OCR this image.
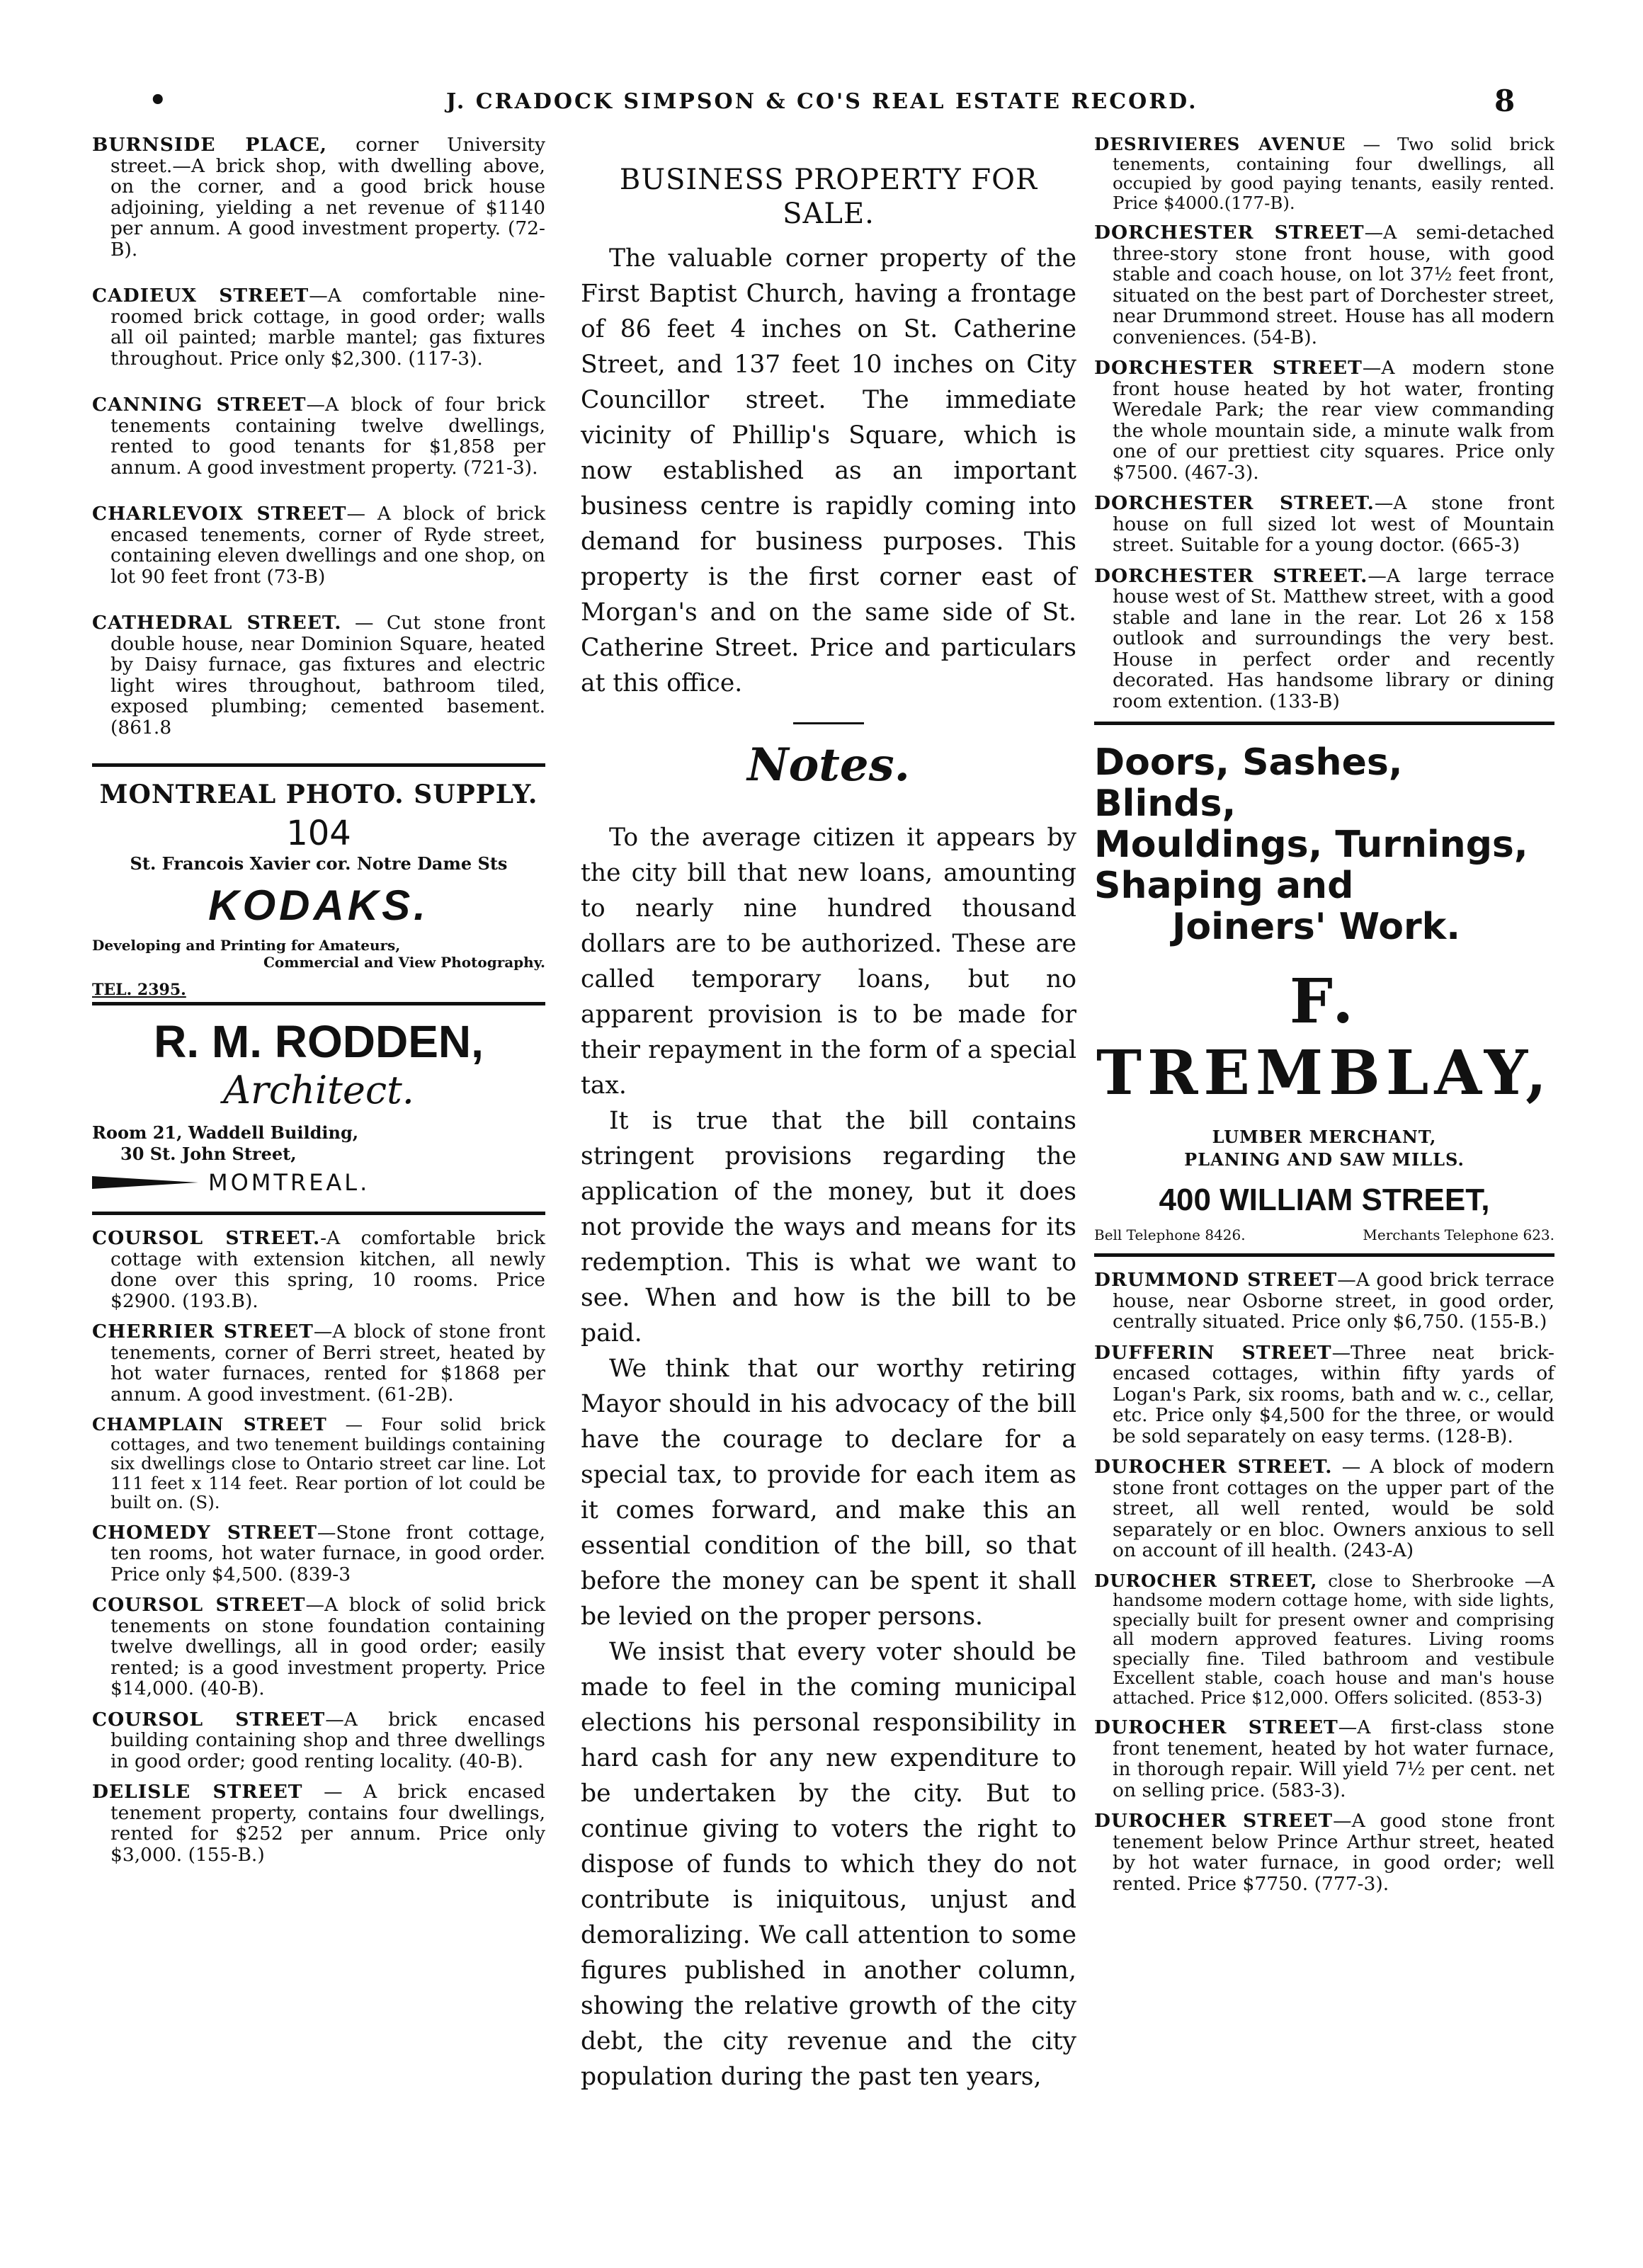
•	J. CRADOCK SIMPSON & CO'S REAL ESTATE RECORD.	8

BURNSIDE PLACE, corner University street.—A brick shop, with dwelling above, on the corner, and a good brick house adjoining, yielding a net revenue of $1140 per annum. A good investment property. (72-B).

CADIEUX STREET—A comfortable nine-roomed brick cottage, in good order; walls all oil painted; marble mantel; gas fixtures throughout. Price only $2,300. (117-3).

CANNING STREET—A block of four brick tenements containing twelve dwellings, rented to good tenants for $1,858 per annum. A good investment property. (721-3).

CHARLEVOIX STREET— A block of brick encased tenements, corner of Ryde street, containing eleven dwellings and one shop, on lot 90 feet front (73-B)

CATHEDRAL STREET. — Cut stone front double house, near Dominion Square, heated by Daisy furnace, gas fixtures and electric light wires throughout, bathroom tiled, exposed plumbing; cemented basement.(861.8

MONTREAL PHOTO. SUPPLY.
104
St. Francois Xavier cor. Notre Dame Sts
KODAKS.
Developing and Printing for Amateurs,
Commercial and View Photography.
TEL. 2395.
R. M. RODDEN,
Architect.
Room 21, Waddell Building,
30 St. John Street,
MOMTREAL.

COURSOL STREET.-A comfortable brick cottage with extension kitchen, all newly done over this spring, 10 rooms. Price $2900. (193.B).

CHERRIER STREET—A block of stone front tenements, corner of Berri street, heated by hot water furnaces, rented for $1868 per annum. A good investment. (61-2B).

CHAMPLAIN STREET — Four solid brick cottages, and two tenement buildings containing six dwellings close to Ontario street car line. Lot 111 feet x 114 feet. Rear portion of lot could be built on. (S).

CHOMEDY STREET—Stone front cottage, ten rooms, hot water furnace, in good order. Price only $4,500. (839-3

COURSOL STREET—A block of solid brick tenements on stone foundation containing twelve dwellings, all in good order; easily rented; is a good investment property. Price $14,000. (40-B).

COURSOL STREET—A brick encased building containing shop and three dwellings in good order; good renting locality. (40-B).

DELISLE STREET — A brick encased tenement property, contains four dwellings, rented for $252 per annum. Price only $3,000. (155-B.)

BUSINESS PROPERTY FOR SALE.

The valuable corner property of the First Baptist Church, having a frontage of 86 feet 4 inches on St. Catherine Street, and 137 feet 10 inches on City Councillor street. The immediate vicinity of Phillip's Square, which is now established as an important business centre is rapidly coming into demand for business purposes. This property is the first corner east of Morgan's and on the same side of St. Catherine Street. Price and particulars at this office.

Notes.

To the average citizen it appears by the city bill that new loans, amounting to nearly nine hundred thousand dollars are to be authorized. These are called temporary loans, but no apparent provision is to be made for their repayment in the form of a special tax.

It is true that the bill contains stringent provisions regarding the application of the money, but it does not provide the ways and means for its redemption. This is what we want to see. When and how is the bill to be paid.

We think that our worthy retiring Mayor should in his advocacy of the bill have the courage to declare for a special tax, to provide for each item as it comes forward, and make this an essential condition of the bill, so that before the money can be spent it shall be levied on the proper persons.

We insist that every voter should be made to feel in the coming municipal elections his personal responsibility in hard cash for any new expenditure to be undertaken by the city. But to continue giving to voters the right to dispose of funds to which they do not contribute is iniquitous, unjust and demoralizing. We call attention to some figures published in another column, showing the relative growth of the city debt, the city revenue and the city population during the past ten years,

DESRIVIERES AVENUE — Two solid brick tenements, containing four dwellings, all occupied by good paying tenants, easily rented. Price $4000.(177-B).

DORCHESTER STREET—A semi-detached three-story stone front house, with good stable and coach house, on lot 37½ feet front, situated on the best part of Dorchester street, near Drummond street. House has all modern conveniences. (54-B).

DORCHESTER STREET—A modern stone front house heated by hot water, fronting Weredale Park; the rear view commanding the whole mountain side, a minute walk from one of our prettiest city squares. Price only $7500. (467-3).

DORCHESTER STREET.—A stone front house on full sized lot west of Mountain street. Suitable for a young doctor. (665-3)

DORCHESTER STREET.—A large terrace house west of St. Matthew street, with a good stable and lane in the rear. Lot 26 x 158 outlook and surroundings the very best. House in perfect order and recently decorated. Has handsome library or dining room extention. (133-B)

Doors, Sashes, Blinds,
Mouldings, Turnings,
Shaping and
Joiners' Work.
F. TREMBLAY,
LUMBER MERCHANT,
PLANING AND SAW MILLS.
400 WILLIAM STREET,
Bell Telephone 8426.	Merchants Telephone 623.

DRUMMOND STREET—A good brick terrace house, near Osborne street, in good order, centrally situated. Price only $6,750. (155-B.)

DUFFERIN STREET—Three neat brick-encased cottages, within fifty yards of Logan's Park, six rooms, bath and w. c., cellar, etc. Price only $4,500 for the three, or would be sold separately on easy terms. (128-B).

DUROCHER STREET. — A block of modern stone front cottages on the upper part of the street, all well rented, would be sold separately or en bloc. Owners anxious to sell on account of ill health. (243-A)

DUROCHER STREET, close to Sherbrooke —A handsome modern cottage home, with side lights, specially built for present owner and comprising all modern approved features. Living rooms specially fine. Tiled bathroom and vestibule Excellent stable, coach house and man's house attached. Price $12,000. Offers solicited. (853-3)

DUROCHER STREET—A first-class stone front tenement, heated by hot water furnace, in thorough repair. Will yield 7½ per cent. net on selling price. (583-3).

DUROCHER STREET—A good stone front tenement below Prince Arthur street, heated by hot water furnace, in good order; well rented. Price $7750. (777-3).
